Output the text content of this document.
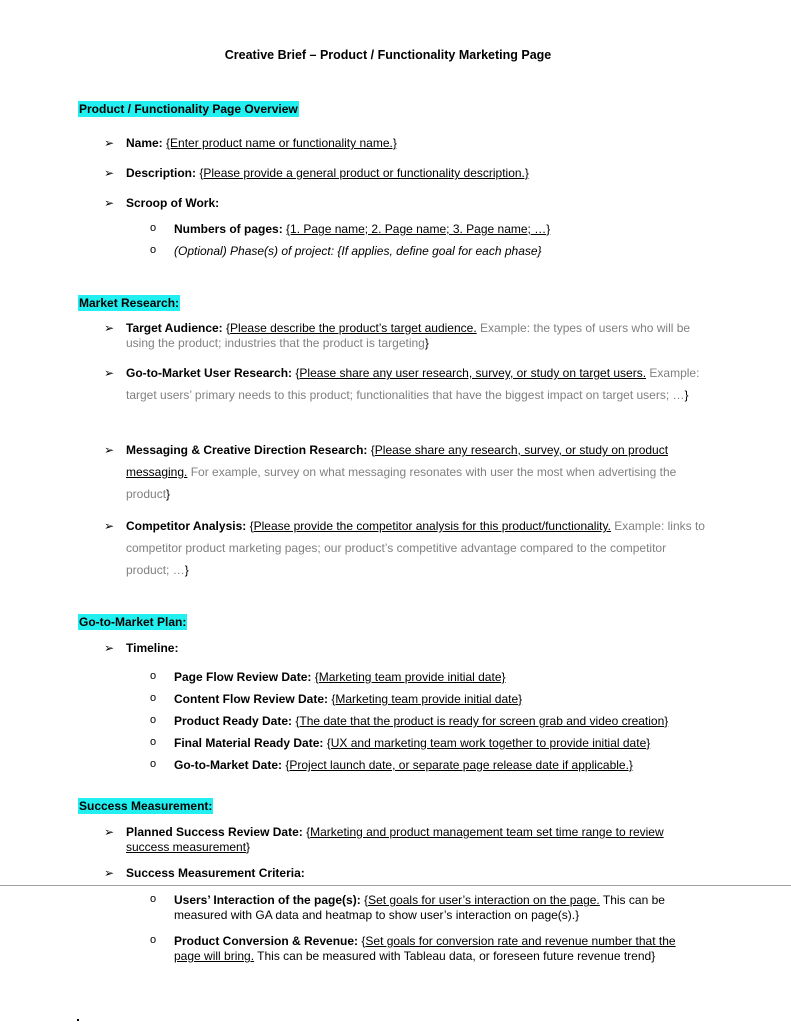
Creative Brief – Product / Functionality Marketing Page
Product / Functionality Page Overview
➢ Name: {Enter product name or functionality name.}
➢ Description: {Please provide a general product or functionality description.}
➢ Scroop of Work:
o Numbers of pages: {1. Page name; 2. Page name; 3. Page name; …}
o (Optional) Phase(s) of project: {If applies, define goal for each phase}
Market Research:
➢ Target Audience: {Please describe the product’s target audience. Example: the types of users who will be using the product; industries that the product is targeting}
➢ Go-to-Market User Research: {Please share any user research, survey, or study on target users. Example: target users’ primary needs to this product; functionalities that have the biggest impact on target users; …}
➢ Messaging & Creative Direction Research: {Please share any research, survey, or study on product messaging. For example, survey on what messaging resonates with user the most when advertising the product}
➢ Competitor Analysis: {Please provide the competitor analysis for this product/functionality. Example: links to competitor product marketing pages; our product’s competitive advantage compared to the competitor product; …}
Go-to-Market Plan:
➢ Timeline:
o Page Flow Review Date: {Marketing team provide initial date}
o Content Flow Review Date: {Marketing team provide initial date}
o Product Ready Date: {The date that the product is ready for screen grab and video creation}
o Final Material Ready Date: {UX and marketing team work together to provide initial date}
o Go-to-Market Date: {Project launch date, or separate page release date if applicable.}
Success Measurement:
➢ Planned Success Review Date: {Marketing and product management team set time range to review success measurement}
➢ Success Measurement Criteria:
o Users’ Interaction of the page(s): {Set goals for user’s interaction on the page. This can be measured with GA data and heatmap to show user’s interaction on page(s).}
o Product Conversion & Revenue: {Set goals for conversion rate and revenue number that the page will bring. This can be measured with Tableau data, or foreseen future revenue trend}
